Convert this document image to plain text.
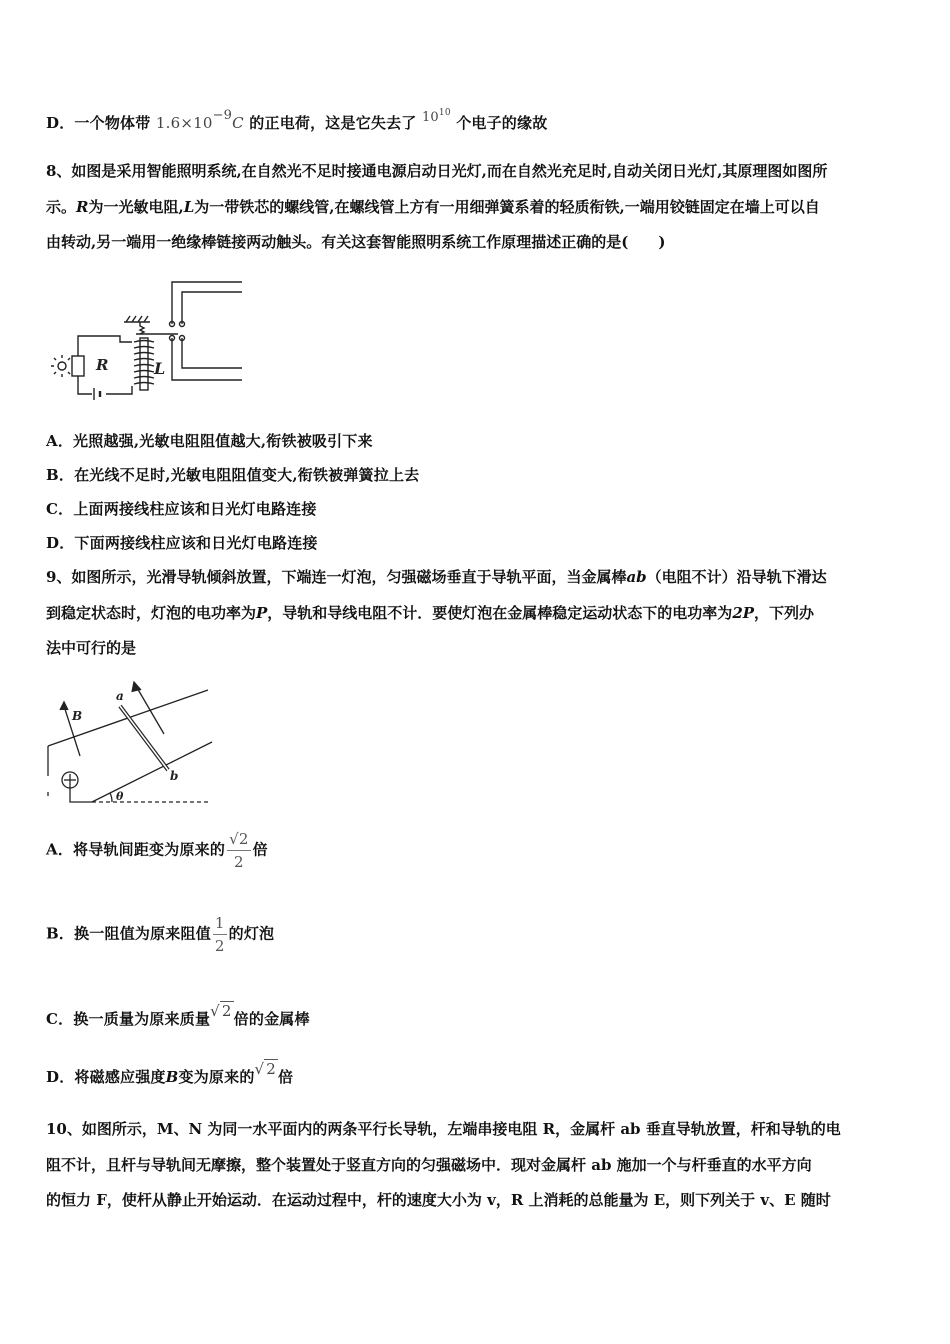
D．一个物体带 1.6×10−9C 的正电荷，这是它失去了 $10^{10}$ 个电子的缘故
8、如图是采用智能照明系统,在自然光不足时接通电源启动日光灯,而在自然光充足时,自动关闭日光灯,其原理图如图所
示。R为一光敏电阻,L为一带铁芯的螺线管,在螺线管上方有一用细弹簧系着的轻质衔铁,一端用铰链固定在墙上可以自
由转动,另一端用一绝缘棒链接两动触头。有关这套智能照明系统工作原理描述正确的是(　　)
R	L
A．光照越强,光敏电阻阻值越大,衔铁被吸引下来
B．在光线不足时,光敏电阻阻值变大,衔铁被弹簧拉上去
C．上面两接线柱应该和日光灯电路连接
D．下面两接线柱应该和日光灯电路连接
9、如图所示，光滑导轨倾斜放置，下端连一灯泡，匀强磁场垂直于导轨平面，当金属棒ab（电阻不计）沿导轨下滑达
到稳定状态时，灯泡的电功率为P，导轨和导线电阻不计．要使灯泡在金属棒稳定运动状态下的电功率为2P，下列办
法中可行的是
B
a
b
θ
A．将导轨间距变为原来的 $\frac{√2}{2}$ 倍
B．换一阻值为原来阻值 $\frac{1}{2}$ 的灯泡
C．换一质量为原来质量√ 2 倍的金属棒
D．将磁感应强度B变为原来的√ 2 倍
10、如图所示，M、N 为同一水平面内的两条平行长导轨，左端串接电阻 R，金属杆 ab 垂直导轨放置，杆和导轨的电
阻不计，且杆与导轨间无摩擦，整个装置处于竖直方向的匀强磁场中．现对金属杆 ab 施加一个与杆垂直的水平方向
的恒力 F，使杆从静止开始运动．在运动过程中，杆的速度大小为 v，R 上消耗的总能量为 E，则下列关于 v、E 随时
